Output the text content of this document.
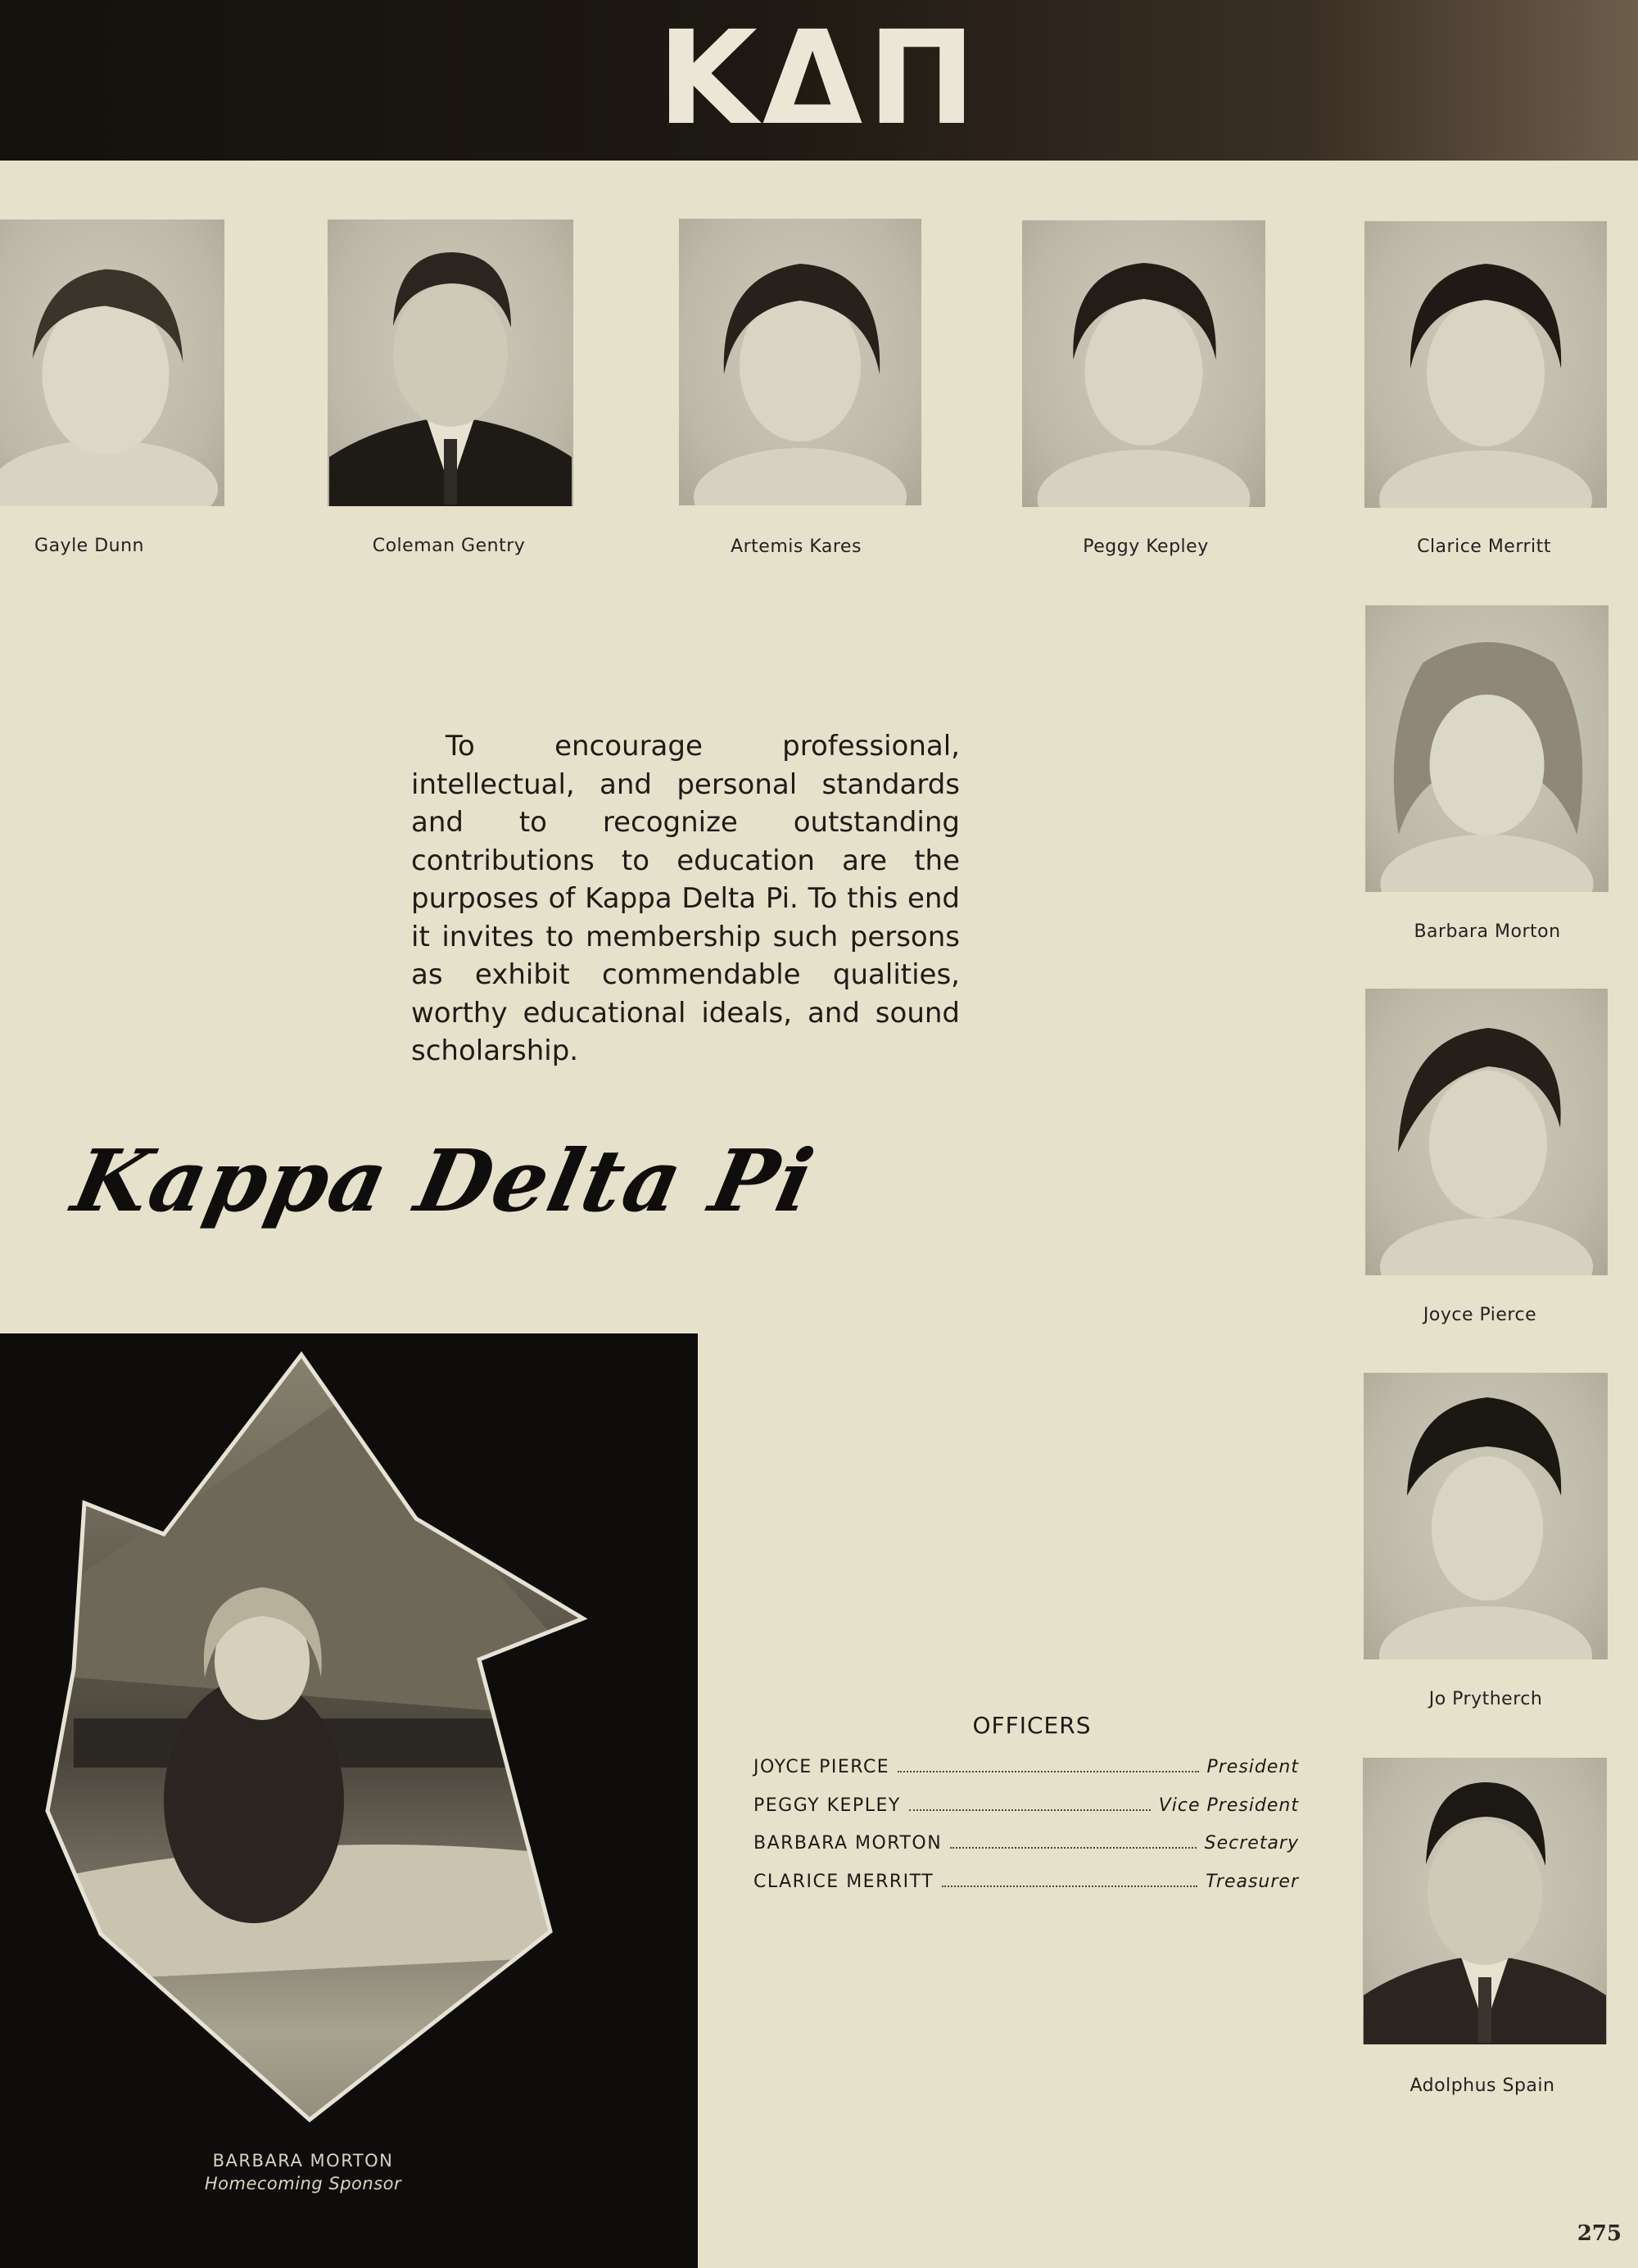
ΚΔΠ
Gayle Dunn	Coleman Gentry	Artemis Kares	Peggy Kepley	Clarice Merritt
Barbara Morton
Joyce Pierce
Jo Prytherch
Adolphus Spain
To encourage professional, intellectual, and personal standards and to recognize outstanding contributions to education are the purposes of Kappa Delta Pi. To this end it invites to membership such persons as exhibit commendable qualities, worthy educational ideals, and sound scholarship.
Kappa Delta Pi
BARBARA MORTON
Homecoming Sponsor
OFFICERS
JOYCE PIERCE	President
PEGGY KEPLEY	Vice President
BARBARA MORTON	Secretary
CLARICE MERRITT	Treasurer
275
